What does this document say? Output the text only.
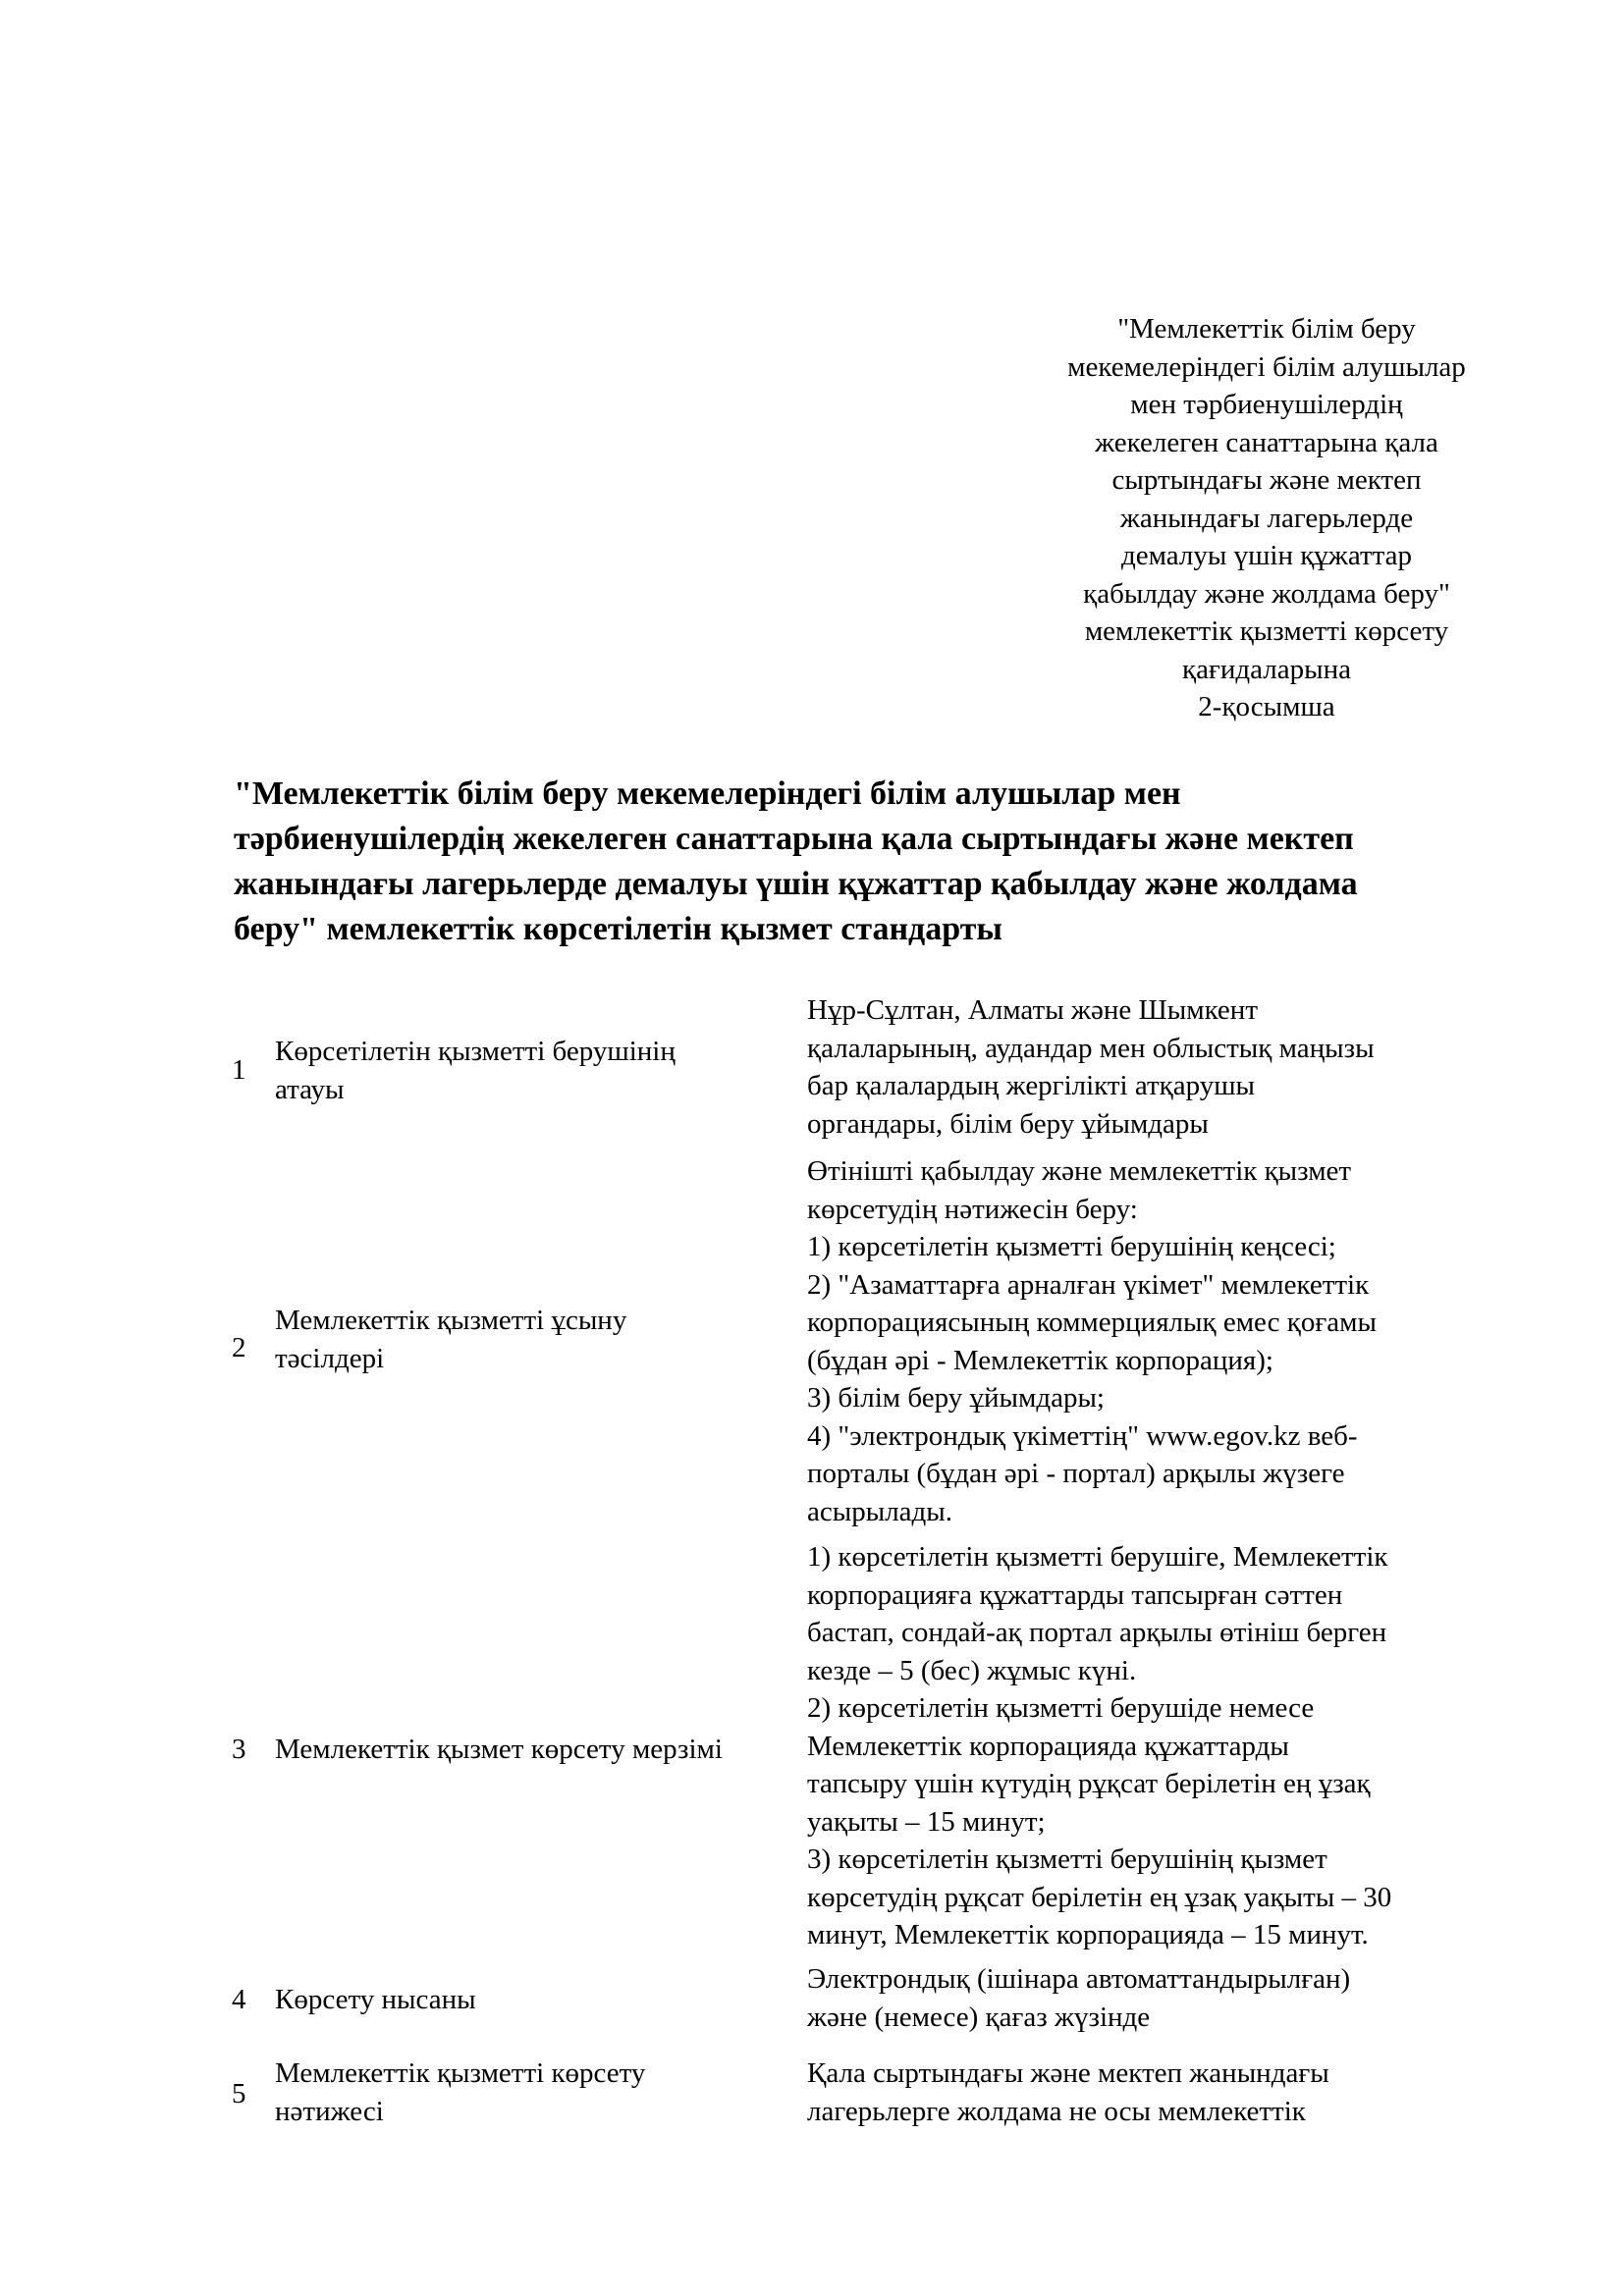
"Мемлекеттік білім беру
мекемелеріндегі білім алушылар
мен тәрбиенушілердің
жекелеген санаттарына қала
сыртындағы және мектеп
жанындағы лагерьлерде
демалуы үшін құжаттар
қабылдау және жолдама беру"
мемлекеттік қызметті көрсету
қағидаларына
2-қосымша
"Мемлекеттік білім беру мекемелеріндегі білім алушылар мен
тәрбиенушілердің жекелеген санаттарына қала сыртындағы және мектеп
жанындағы лагерьлерде демалуы үшін құжаттар қабылдау және жолдама
беру" мемлекеттік көрсетілетін қызмет стандарты
1
Көрсетілетін қызметті берушінің
атауы
Нұр-Сұлтан, Алматы және Шымкент
қалаларының, аудандар мен облыстық маңызы
бар қалалардың жергілікті атқарушы
органдары, білім беру ұйымдары
2
Мемлекеттік қызметті ұсыну
тәсілдері
Өтінішті қабылдау және мемлекеттік қызмет
көрсетудің нәтижесін беру:
1) көрсетілетін қызметті берушінің кеңсесі;
2) "Азаматтарға арналған үкімет" мемлекеттік
корпорациясының коммерциялық емес қоғамы
(бұдан әрі - Мемлекеттік корпорация);
3) білім беру ұйымдары;
4) "электрондық үкіметтің" www.egov.kz веб-
порталы (бұдан әрі - портал) арқылы жүзеге
асырылады.
3 Мемлекеттік қызмет көрсету мерзімі
1) көрсетілетін қызметті берушіге, Мемлекеттік
корпорацияға құжаттарды тапсырған сәттен
бастап, сондай-ақ портал арқылы өтініш берген
кезде – 5 (бес) жұмыс күні.
2) көрсетілетін қызметті берушіде немесе
Мемлекеттік корпорацияда құжаттарды
тапсыру үшін күтудің рұқсат берілетін ең ұзақ
уақыты – 15 минут;
3) көрсетілетін қызметті берушінің қызмет
көрсетудің рұқсат берілетін ең ұзақ уақыты – 30
минут, Мемлекеттік корпорацияда – 15 минут.
4 Көрсету нысаны
Электрондық (ішінара автоматтандырылған)
және (немесе) қағаз жүзінде
5
Мемлекеттік қызметті көрсету
нәтижесі
Қала сыртындағы және мектеп жанындағы
лагерьлерге жолдама не осы мемлекеттік
